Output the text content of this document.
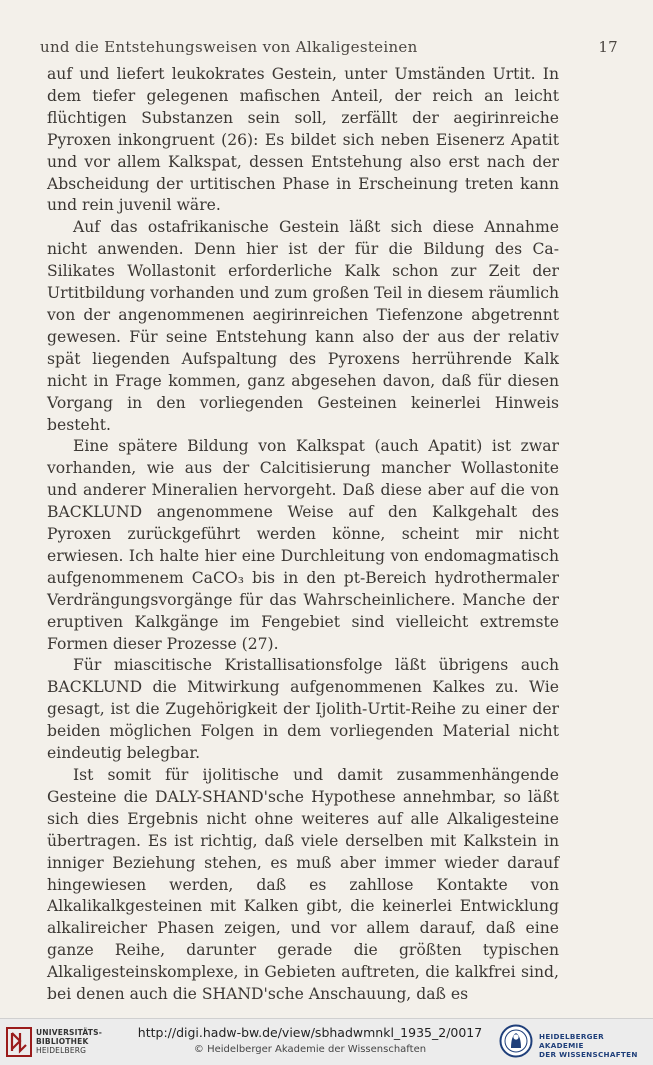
und die Entstehungsweisen von Alkaligesteinen	17

auf und liefert leukokrates Gestein, unter Umständen Urtit. In dem tiefer gelegenen mafischen Anteil, der reich an leicht flüchtigen Substanzen sein soll, zerfällt der aegirinreiche Pyroxen inkongruent (26): Es bildet sich neben Eisenerz Apatit und vor allem Kalkspat, dessen Entstehung also erst nach der Abscheidung der urtitischen Phase in Erscheinung treten kann und rein juvenil wäre.

Auf das ostafrikanische Gestein läßt sich diese Annahme nicht anwenden. Denn hier ist der für die Bildung des Ca-Silikates Wollastonit erforderliche Kalk schon zur Zeit der Urtitbildung vorhanden und zum großen Teil in diesem räumlich von der angenommenen aegirinreichen Tiefenzone abgetrennt gewesen. Für seine Entstehung kann also der aus der relativ spät liegenden Aufspaltung des Pyroxens herrührende Kalk nicht in Frage kommen, ganz abgesehen davon, daß für diesen Vorgang in den vorliegenden Gesteinen keinerlei Hinweis besteht.

Eine spätere Bildung von Kalkspat (auch Apatit) ist zwar vorhanden, wie aus der Calcitisierung mancher Wollastonite und anderer Mineralien hervorgeht. Daß diese aber auf die von BACKLUND angenommene Weise auf den Kalkgehalt des Pyroxen zurückgeführt werden könne, scheint mir nicht erwiesen. Ich halte hier eine Durchleitung von endomagmatisch aufgenommenem CaCO₃ bis in den pt-Bereich hydrothermaler Verdrängungsvorgänge für das Wahrscheinlichere. Manche der eruptiven Kalkgänge im Fengebiet sind vielleicht extremste Formen dieser Prozesse (27).

Für miascitische Kristallisationsfolge läßt übrigens auch BACKLUND die Mitwirkung aufgenommenen Kalkes zu. Wie gesagt, ist die Zugehörigkeit der Ijolith-Urtit-Reihe zu einer der beiden möglichen Folgen in dem vorliegenden Material nicht eindeutig belegbar.

Ist somit für ijolitische und damit zusammenhängende Gesteine die DALY-SHAND'sche Hypothese annehmbar, so läßt sich dies Ergebnis nicht ohne weiteres auf alle Alkaligesteine übertragen. Es ist richtig, daß viele derselben mit Kalkstein in inniger Beziehung stehen, es muß aber immer wieder darauf hingewiesen werden, daß es zahllose Kontakte von Alkalikalkgesteinen mit Kalken gibt, die keinerlei Entwicklung alkalireicher Phasen zeigen, und vor allem darauf, daß eine ganze Reihe, darunter gerade die größten typischen Alkaligesteinskomplexe, in Gebieten auftreten, die kalkfrei sind, bei denen auch die SHAND'sche Anschauung, daß es

UNIVERSITÄTS-
BIBLIOTHEK
HEIDELBERG
http://digi.hadw-bw.de/view/sbhadwmnkl_1935_2/0017
© Heidelberger Akademie der Wissenschaften
HEIDELBERGER AKADEMIE
DER WISSENSCHAFTEN
